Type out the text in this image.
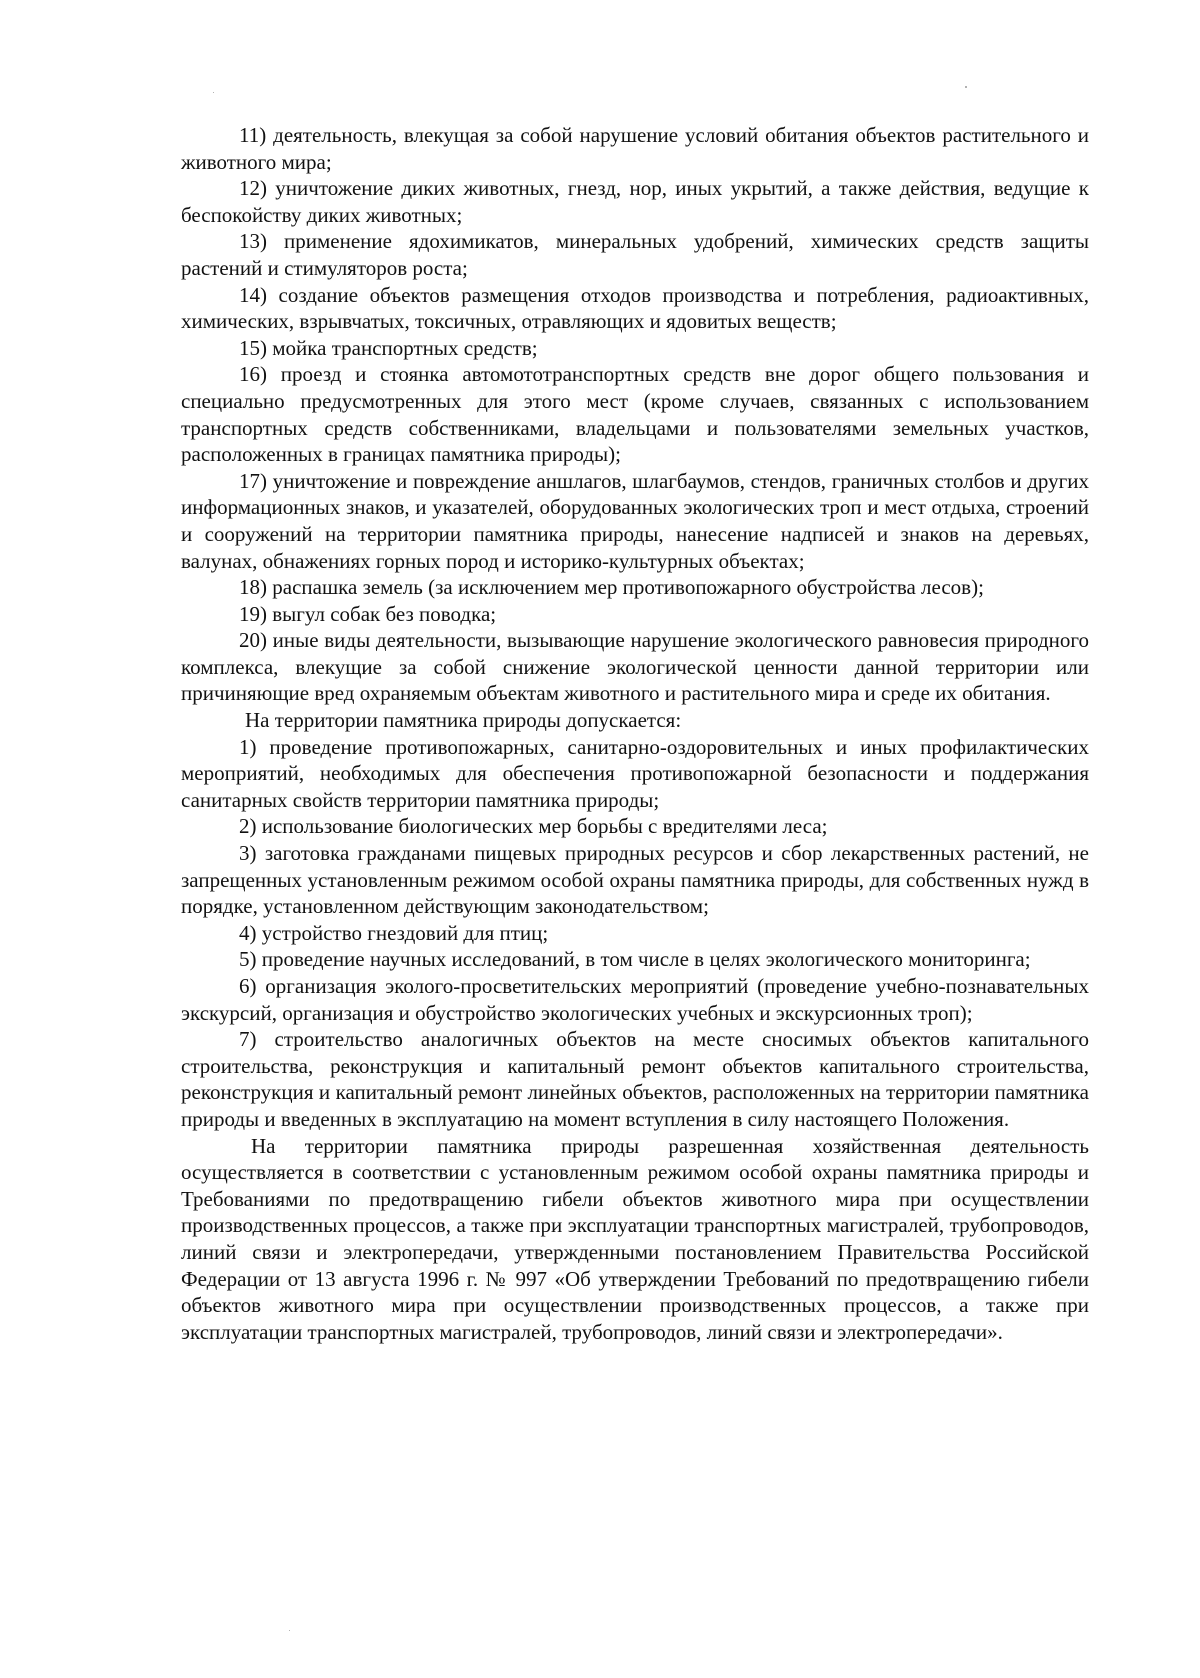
11) деятельность, влекущая за собой нарушение условий обитания объектов растительного и животного мира;

12) уничтожение диких животных, гнезд, нор, иных укрытий, а также действия, ведущие к беспокойству диких животных;

13) применение ядохимикатов, минеральных удобрений, химических средств защиты растений и стимуляторов роста;

14) создание объектов размещения отходов производства и потребления, радиоактивных, химических, взрывчатых, токсичных, отравляющих и ядовитых веществ;

15) мойка транспортных средств;

16) проезд и стоянка автомототранспортных средств вне дорог общего пользования и специально предусмотренных для этого мест (кроме случаев, связанных с использованием транспортных средств собственниками, владельцами и пользователями земельных участков, расположенных в границах памятника природы);

17) уничтожение и повреждение аншлагов, шлагбаумов, стендов, граничных столбов и других информационных знаков, и указателей, оборудованных экологических троп и мест отдыха, строений и сооружений на территории памятника природы, нанесение надписей и знаков на деревьях, валунах, обнажениях горных пород и историко-культурных объектах;

18) распашка земель (за исключением мер противопожарного обустройства лесов);

19) выгул собак без поводка;

20) иные виды деятельности, вызывающие нарушение экологического равновесия природного комплекса, влекущие за собой снижение экологической ценности данной территории или причиняющие вред охраняемым объектам животного и растительного мира и среде их обитания.

На территории памятника природы допускается:

1) проведение противопожарных, санитарно-оздоровительных и иных профилактических мероприятий, необходимых для обеспечения противопожарной безопасности и поддержания санитарных свойств территории памятника природы;

2) использование биологических мер борьбы с вредителями леса;

3) заготовка гражданами пищевых природных ресурсов и сбор лекарственных растений, не запрещенных установленным режимом особой охраны памятника природы, для собственных нужд в порядке, установленном действующим законодательством;

4) устройство гнездовий для птиц;

5) проведение научных исследований, в том числе в целях экологического мониторинга;

6) организация эколого-просветительских мероприятий (проведение учебно-познавательных экскурсий, организация и обустройство экологических учебных и экскурсионных троп);

7) строительство аналогичных объектов на месте сносимых объектов капитального строительства, реконструкция и капитальный ремонт объектов капитального строительства, реконструкция и капитальный ремонт линейных объектов, расположенных на территории памятника природы и введенных в эксплуатацию на момент вступления в силу настоящего Положения.

На территории памятника природы разрешенная хозяйственная деятельность осуществляется в соответствии с установленным режимом особой охраны памятника природы и Требованиями по предотвращению гибели объектов животного мира при осуществлении производственных процессов, а также при эксплуатации транспортных магистралей, трубопроводов, линий связи и электропередачи, утвержденными постановлением Правительства Российской Федерации от 13 августа 1996 г. № 997 «Об утверждении Требований по предотвращению гибели объектов животного мира при осуществлении производственных процессов, а также при эксплуатации транспортных магистралей, трубопроводов, линий связи и электропередачи».
